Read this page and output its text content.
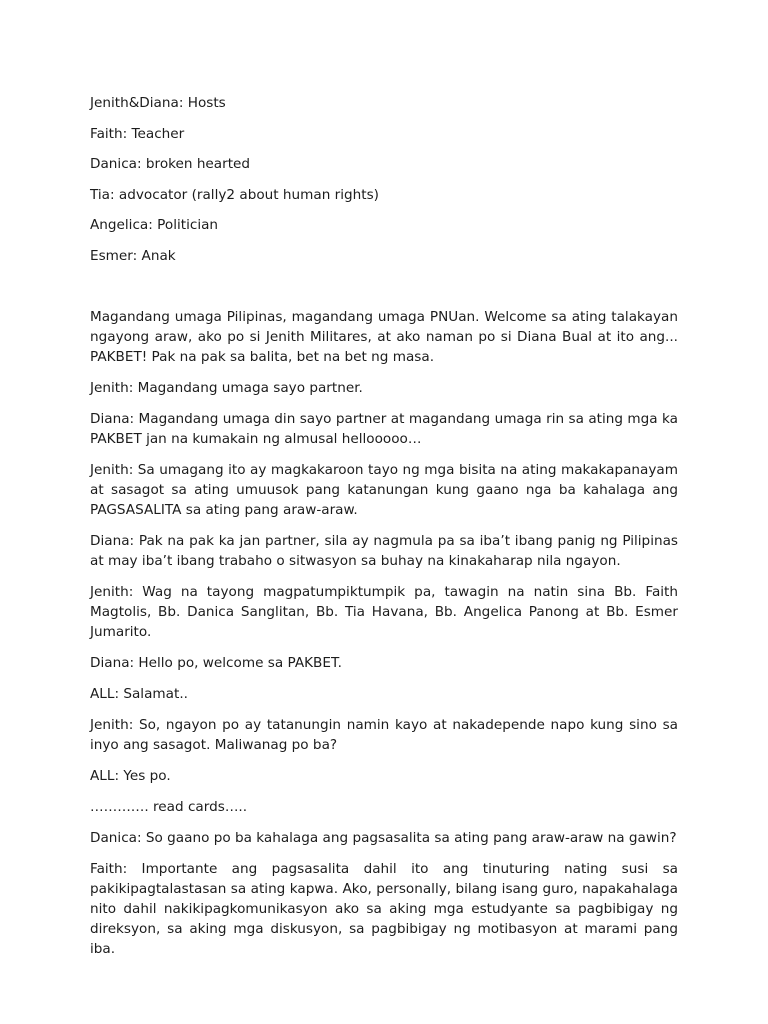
Jenith&Diana: Hosts

Faith: Teacher

Danica: broken hearted

Tia: advocator (rally2 about human rights)

Angelica: Politician

Esmer: Anak

Magandang umaga Pilipinas, magandang umaga PNUan. Welcome sa ating talakayan ngayong araw, ako po si Jenith Militares, at ako naman po si Diana Bual at ito ang... PAKBET! Pak na pak sa balita, bet na bet ng masa.

Jenith: Magandang umaga sayo partner.

Diana: Magandang umaga din sayo partner at magandang umaga rin sa ating mga ka PAKBET jan na kumakain ng almusal hellooooo…

Jenith: Sa umagang ito ay magkakaroon tayo ng mga bisita na ating makakapanayam at sasagot sa ating umuusok pang katanungan kung gaano nga ba kahalaga ang PAGSASALITA sa ating pang araw-araw.

Diana: Pak na pak ka jan partner, sila ay nagmula pa sa iba’t ibang panig ng Pilipinas at may iba’t ibang trabaho o sitwasyon sa buhay na kinakaharap nila ngayon.

Jenith: Wag na tayong magpatumpiktumpik pa, tawagin na natin sina Bb. Faith Magtolis, Bb. Danica Sanglitan, Bb. Tia Havana, Bb. Angelica Panong at Bb. Esmer Jumarito.

Diana: Hello po, welcome sa PAKBET.

ALL: Salamat..

Jenith: So, ngayon po ay tatanungin namin kayo at nakadepende napo kung sino sa inyo ang sasagot. Maliwanag po ba?

ALL: Yes po.

…………. read cards…..

Danica: So gaano po ba kahalaga ang pagsasalita sa ating pang araw-araw na gawin?

Faith: Importante ang pagsasalita dahil ito ang tinuturing nating susi sa pakikipagtalastasan sa ating kapwa. Ako, personally, bilang isang guro, napakahalaga nito dahil nakikipagkomunikasyon ako sa aking mga estudyante sa pagbibigay ng direksyon, sa aking mga diskusyon, sa pagbibigay ng motibasyon at marami pang iba.
